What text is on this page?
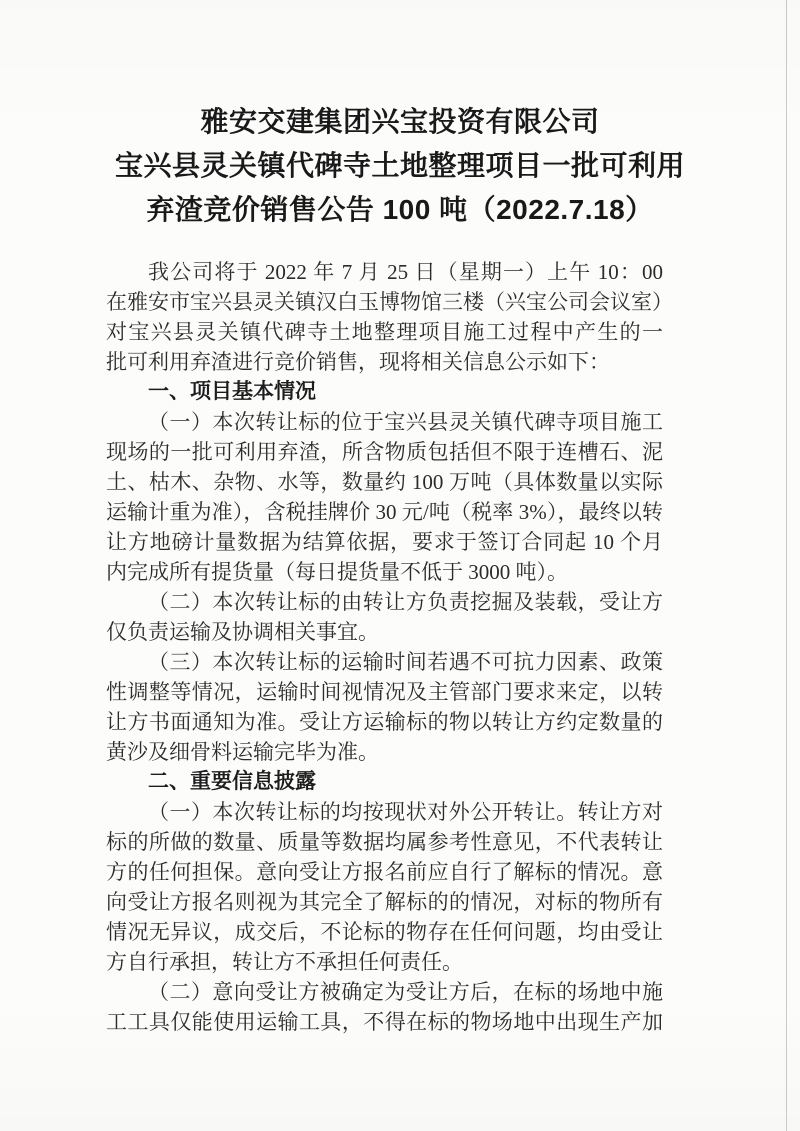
雅安交建集团兴宝投资有限公司
宝兴县灵关镇代碑寺土地整理项目一批可利用
弃渣竞价销售公告 100 吨（2022.7.18）
我公司将于 2022 年 7 月 25 日（星期一）上午 10：00
在雅安市宝兴县灵关镇汉白玉博物馆三楼（兴宝公司会议室）
对宝兴县灵关镇代碑寺土地整理项目施工过程中产生的一
批可利用弃渣进行竞价销售，现将相关信息公示如下：
一、项目基本情况
（一）本次转让标的位于宝兴县灵关镇代碑寺项目施工
现场的一批可利用弃渣，所含物质包括但不限于连槽石、泥
土、枯木、杂物、水等，数量约 100 万吨（具体数量以实际
运输计重为准），含税挂牌价 30 元/吨（税率 3%），最终以转
让方地磅计量数据为结算依据，要求于签订合同起 10 个月
内完成所有提货量（每日提货量不低于 3000 吨）。
（二）本次转让标的由转让方负责挖掘及装载，受让方
仅负责运输及协调相关事宜。
（三）本次转让标的运输时间若遇不可抗力因素、政策
性调整等情况，运输时间视情况及主管部门要求来定，以转
让方书面通知为准。受让方运输标的物以转让方约定数量的
黄沙及细骨料运输完毕为准。
二、重要信息披露
（一）本次转让标的均按现状对外公开转让。转让方对
标的所做的数量、质量等数据均属参考性意见，不代表转让
方的任何担保。意向受让方报名前应自行了解标的情况。意
向受让方报名则视为其完全了解标的的情况，对标的物所有
情况无异议，成交后，不论标的物存在任何问题，均由受让
方自行承担，转让方不承担任何责任。
（二）意向受让方被确定为受让方后，在标的场地中施
工工具仅能使用运输工具，不得在标的物场地中出现生产加
